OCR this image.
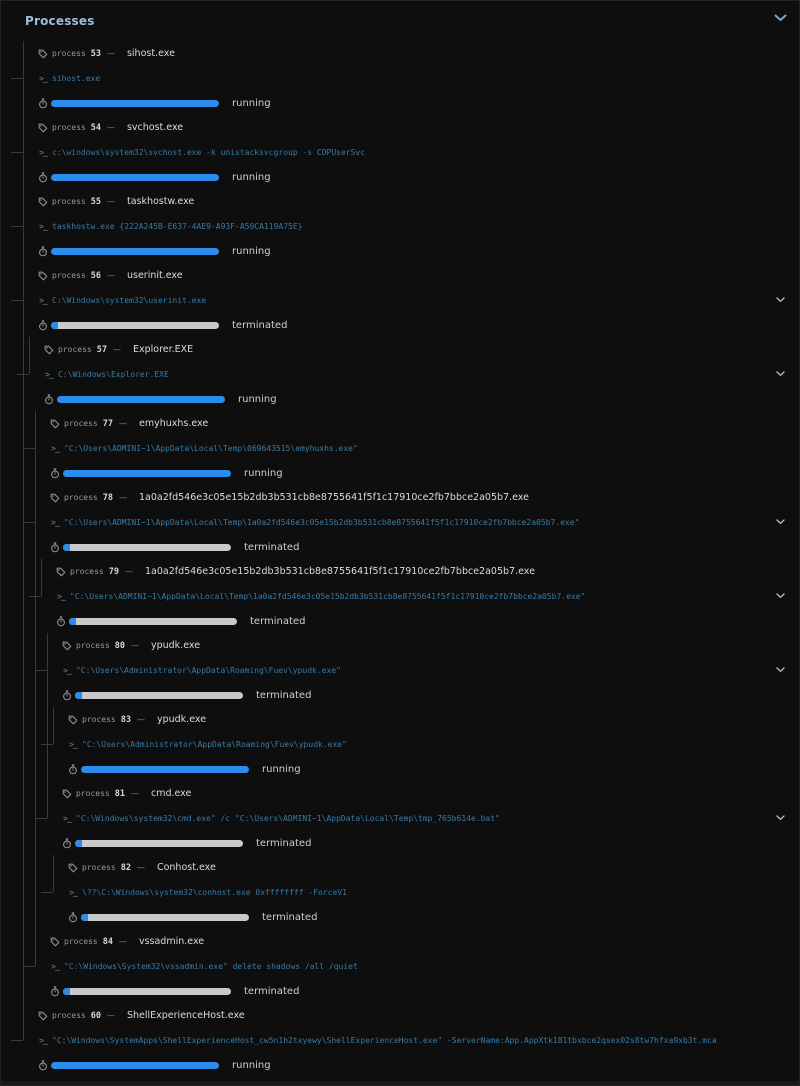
Processes
process 53 — sihost.exe
>_ sihost.exe
running
process 54 — svchost.exe
>_ c:\windows\system32\svchost.exe -k unistacksvcgroup -s CDPUserSvc
running
process 55 — taskhostw.exe
>_ taskhostw.exe {222A245B-E637-4AE9-A93F-A59CA119A75E}
running
process 56 — userinit.exe
>_ C:\Windows\system32\userinit.exe
terminated
process 57 — Explorer.EXE
>_ C:\Windows\Explorer.EXE
running
process 77 — emyhuxhs.exe
>_ "C:\Users\ADMINI~1\AppData\Local\Temp\069643515\emyhuxhs.exe"
running
process 78 — 1a0a2fd546e3c05e15b2db3b531cb8e8755641f5f1c17910ce2fb7bbce2a05b7.exe
>_ "C:\Users\ADMINI~1\AppData\Local\Temp\1a0a2fd546e3c05e15b2db3b531cb8e8755641f5f1c17910ce2fb7bbce2a05b7.exe"
terminated
process 79 — 1a0a2fd546e3c05e15b2db3b531cb8e8755641f5f1c17910ce2fb7bbce2a05b7.exe
>_ "C:\Users\ADMINI~1\AppData\Local\Temp\1a0a2fd546e3c05e15b2db3b531cb8e8755641f5f1c17910ce2fb7bbce2a05b7.exe"
terminated
process 80 — ypudk.exe
>_ "C:\Users\Administrator\AppData\Roaming\Fuev\ypudk.exe"
terminated
process 83 — ypudk.exe
>_ "C:\Users\Administrator\AppData\Roaming\Fuev\ypudk.exe"
running
process 81 — cmd.exe
>_ "C:\Windows\system32\cmd.exe" /c "C:\Users\ADMINI~1\AppData\Local\Temp\tmp_765b614e.bat"
terminated
process 82 — Conhost.exe
>_ \??\C:\Windows\system32\conhost.exe 0xffffffff -ForceV1
terminated
process 84 — vssadmin.exe
>_ "C:\Windows\System32\vssadmin.exe" delete shadows /all /quiet
terminated
process 60 — ShellExperienceHost.exe
>_ "C:\Windows\SystemApps\ShellExperienceHost_cw5n1h2txyewy\ShellExperienceHost.exe" -ServerName:App.AppXtk181tbxbce2qsex02s8tw7hfxa9xb3t.mca
running
